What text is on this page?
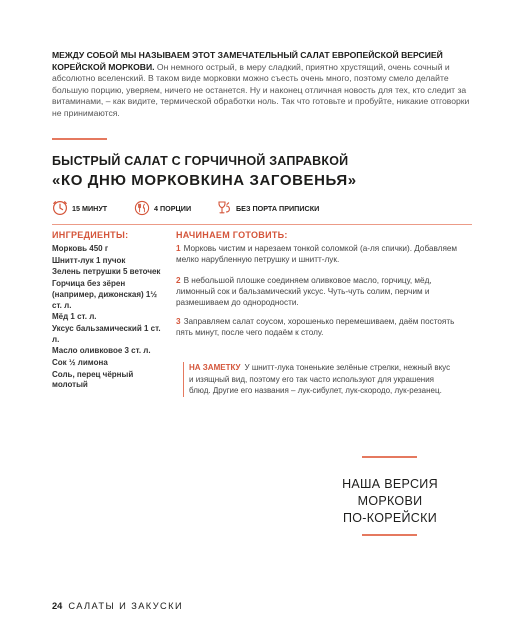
МЕЖДУ СОБОЙ МЫ НАЗЫВАЕМ ЭТОТ ЗАМЕЧАТЕЛЬНЫЙ САЛАТ ЕВРОПЕЙСКОЙ ВЕРСИЕЙ КОРЕЙСКОЙ МОРКОВИ. Он немного острый, в меру сладкий, приятно хрустящий, очень сочный и абсолютно вселенский. В таком виде морковки можно съесть очень много, поэтому смело делайте большую порцию, уверяем, ничего не останется. Ну и наконец отличная новость для тех, кто следит за витаминами, – как видите, термической обработки ноль. Так что готовьте и пробуйте, никакие отговорки не принимаются.

БЫСТРЫЙ САЛАТ С ГОРЧИЧНОЙ ЗАПРАВКОЙ
«КО ДНЮ МОРКОВКИНА ЗАГОВЕНЬЯ»
15 МИНУТ	4 ПОРЦИИ	БЕЗ ПОРТА ПРИПИСКИ
ИНГРЕДИЕНТЫ:
Морковь 450 г
Шнитт-лук 1 пучок
Зелень петрушки 5 веточек
Горчица без зёрен (например, дижонская) 1½ ст. л.
Мёд 1 ст. л.
Уксус бальзамический 1 ст. л.
Масло оливковое 3 ст. л.
Сок ½ лимона
Соль, перец чёрный молотый
НАЧИНАЕМ ГОТОВИТЬ:
1 Морковь чистим и нарезаем тонкой соломкой (а-ля спички). Добавляем мелко нарубленную петрушку и шнитт-лук.
2 В небольшой плошке соединяем оливковое масло, горчицу, мёд, лимонный сок и бальзамический уксус. Чуть-чуть солим, перчим и размешиваем до однородности.
3 Заправляем салат соусом, хорошенько перемешиваем, даём постоять пять минут, после чего подаём к столу.
НА ЗАМЕТКУ У шнитт-лука тоненькие зелёные стрелки, нежный вкус и изящный вид, поэтому его так часто используют для украшения блюд. Другие его названия – лук-сибулет, лук-скородо, лук-резанец.
НАША ВЕРСИЯ
МОРКОВИ
ПО-КОРЕЙСКИ
24 САЛАТЫ И ЗАКУСКИ
